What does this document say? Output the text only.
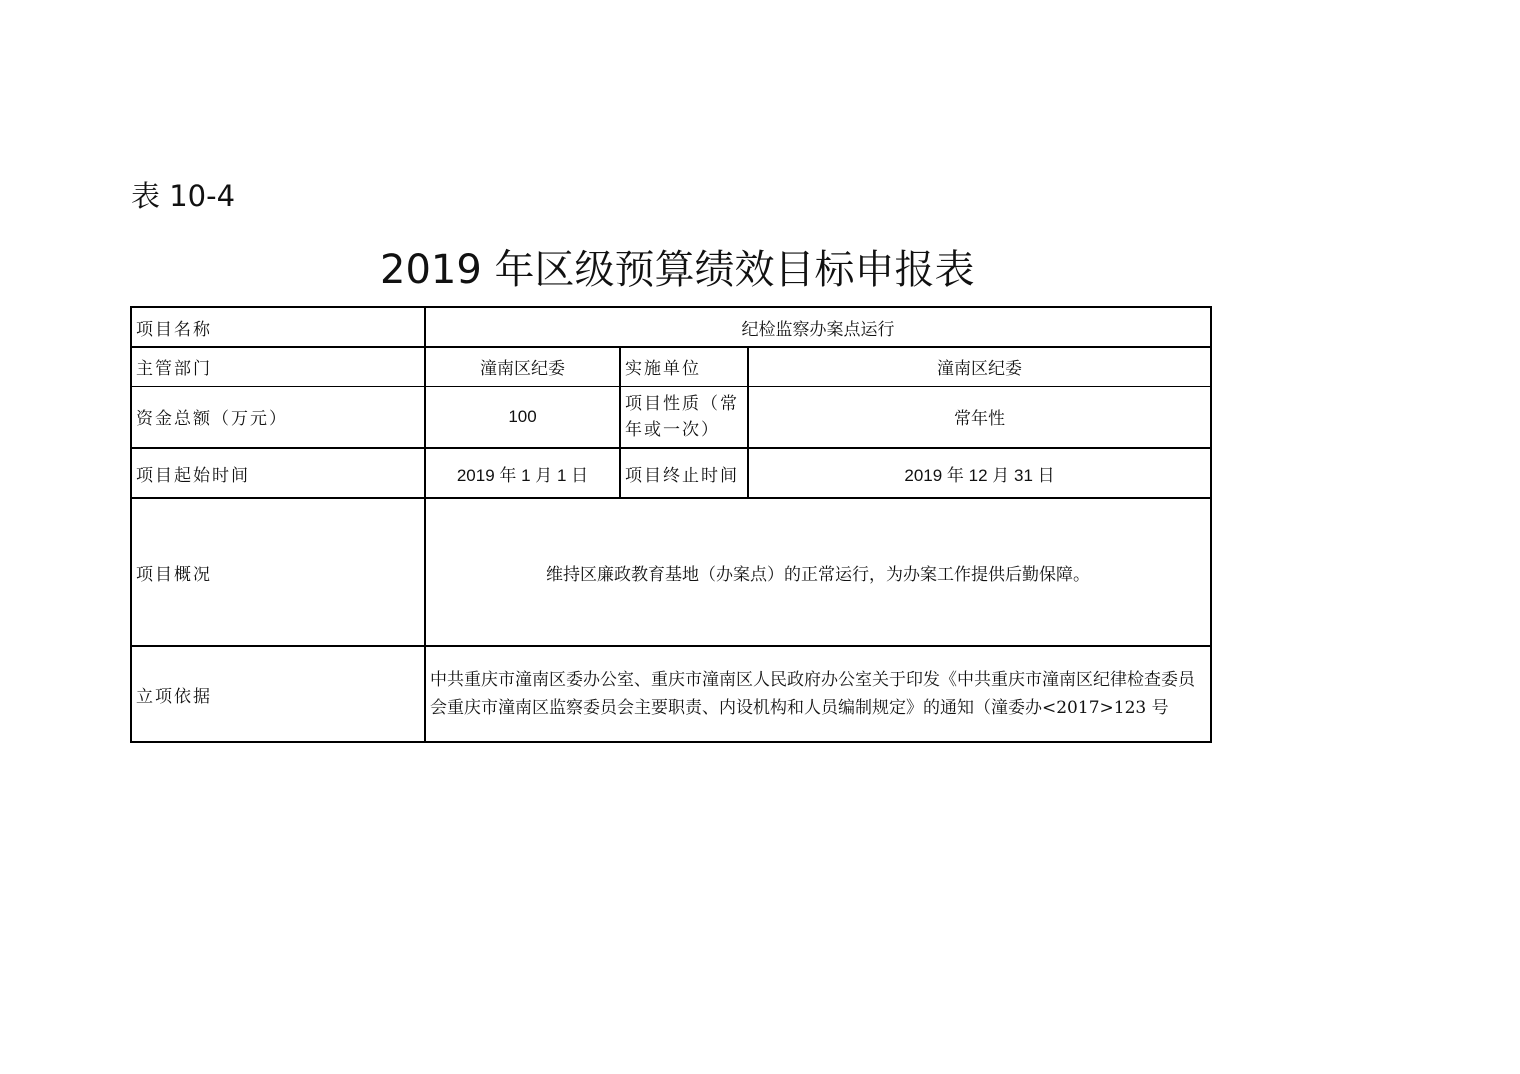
表 10-4
2019 年区级预算绩效目标申报表
项目名称	纪检监察办案点运行		
主管部门	潼南区纪委	实施单位	潼南区纪委
资金总额（万元）	100	项目性质（常年或一次）	常年性
项目起始时间	2019 年 1 月 1 日	项目终止时间	2019 年 12 月 31 日
项目概况	维持区廉政教育基地（办案点）的正常运行，为办案工作提供后勤保障。		
立项依据	中共重庆市潼南区委办公室、重庆市潼南区人民政府办公室关于印发《中共重庆市潼南区纪律检查委员会重庆市潼南区监察委员会主要职责、内设机构和人员编制规定》的通知（潼委办<2017>123 号		
